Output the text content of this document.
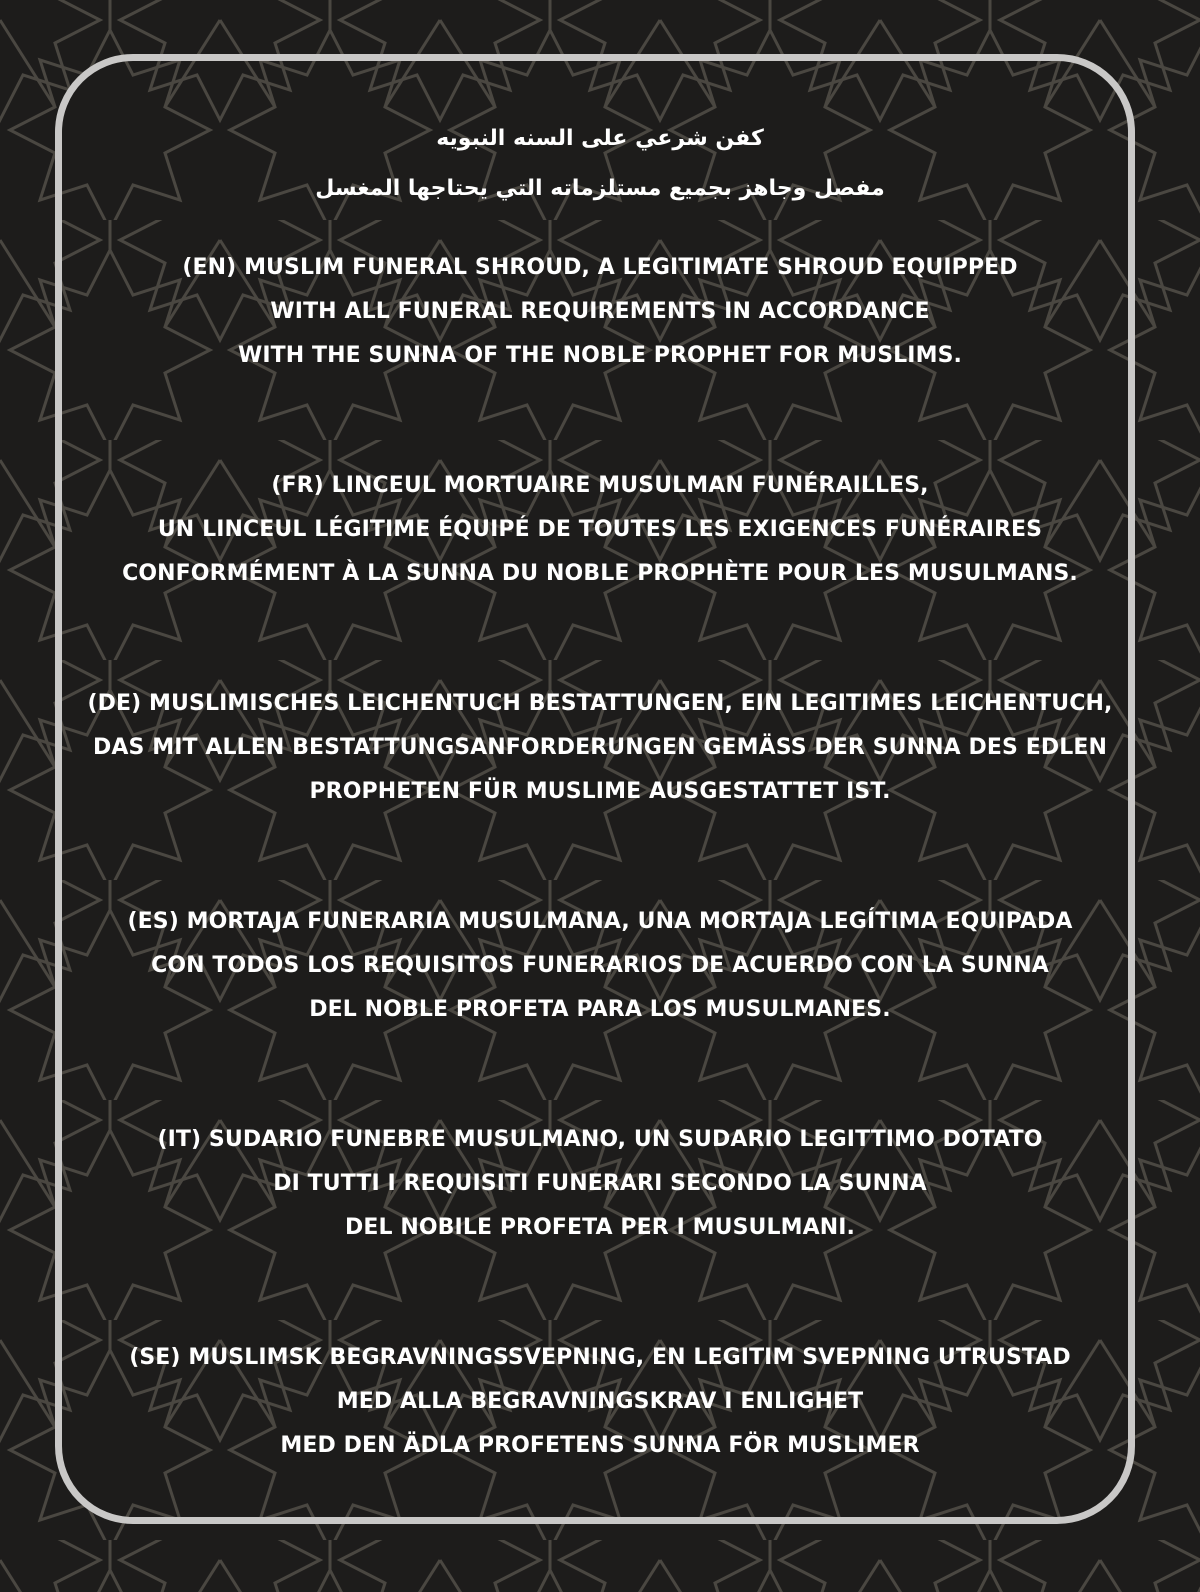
كفن شرعي على السنه النبويه
مفصل وجاهز بجميع مستلزماته التي يحتاجها المغسل
(EN) MUSLIM FUNERAL SHROUD, A LEGITIMATE SHROUD EQUIPPED
WITH ALL FUNERAL REQUIREMENTS IN ACCORDANCE
WITH THE SUNNA OF THE NOBLE PROPHET FOR MUSLIMS.
(FR) LINCEUL MORTUAIRE MUSULMAN FUNÉRAILLES,
UN LINCEUL LÉGITIME ÉQUIPÉ DE TOUTES LES EXIGENCES FUNÉRAIRES
CONFORMÉMENT À LA SUNNA DU NOBLE PROPHÈTE POUR LES MUSULMANS.
(DE) MUSLIMISCHES LEICHENTUCH BESTATTUNGEN, EIN LEGITIMES LEICHENTUCH,
DAS MIT ALLEN BESTATTUNGSANFORDERUNGEN GEMÄSS DER SUNNA DES EDLEN
PROPHETEN FÜR MUSLIME AUSGESTATTET IST.
(ES) MORTAJA FUNERARIA MUSULMANA, UNA MORTAJA LEGÍTIMA EQUIPADA
CON TODOS LOS REQUISITOS FUNERARIOS DE ACUERDO CON LA SUNNA
DEL NOBLE PROFETA PARA LOS MUSULMANES.
(IT) SUDARIO FUNEBRE MUSULMANO, UN SUDARIO LEGITTIMO DOTATO
DI TUTTI I REQUISITI FUNERARI SECONDO LA SUNNA
DEL NOBILE PROFETA PER I MUSULMANI.
(SE) MUSLIMSK BEGRAVNINGSSVEPNING, EN LEGITIM SVEPNING UTRUSTAD
MED ALLA BEGRAVNINGSKRAV I ENLIGHET
MED DEN ÄDLA PROFETENS SUNNA FÖR MUSLIMER
